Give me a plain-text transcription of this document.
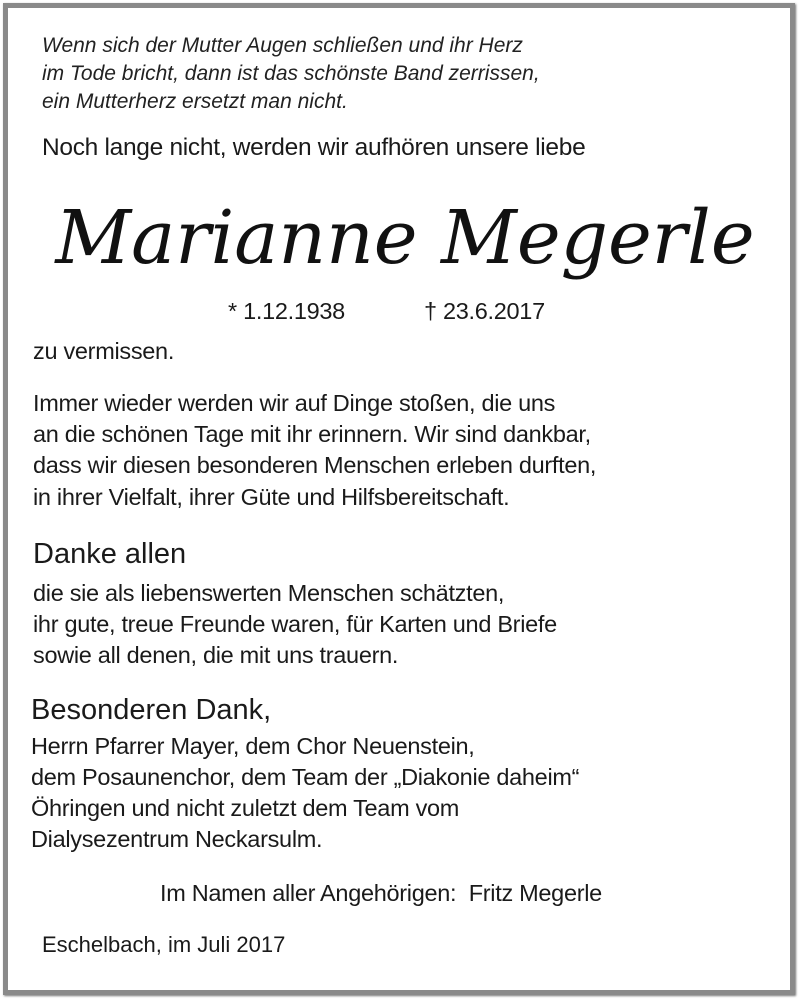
Wenn sich der Mutter Augen schließen und ihr Herz

im Tode bricht, dann ist das schönste Band zerrissen,

ein Mutterherz ersetzt man nicht.

Noch lange nicht, werden wir aufhören unsere liebe

Marianne Megerle

* 1.12.1938	† 23.6.2017

zu vermissen.

Immer wieder werden wir auf Dinge stoßen, die uns

an die schönen Tage mit ihr erinnern. Wir sind dankbar,

dass wir diesen besonderen Menschen erleben durften,

in ihrer Vielfalt, ihrer Güte und Hilfsbereitschaft.

Danke allen

die sie als liebenswerten Menschen schätzten,

ihr gute, treue Freunde waren, für Karten und Briefe

sowie all denen, die mit uns trauern.

Besonderen Dank,

Herrn Pfarrer Mayer, dem Chor Neuenstein,

dem Posaunenchor, dem Team der „Diakonie daheim“

Öhringen und nicht zuletzt dem Team vom

Dialysezentrum Neckarsulm.

Im Namen aller Angehörigen:  Fritz Megerle

Eschelbach, im Juli 2017
